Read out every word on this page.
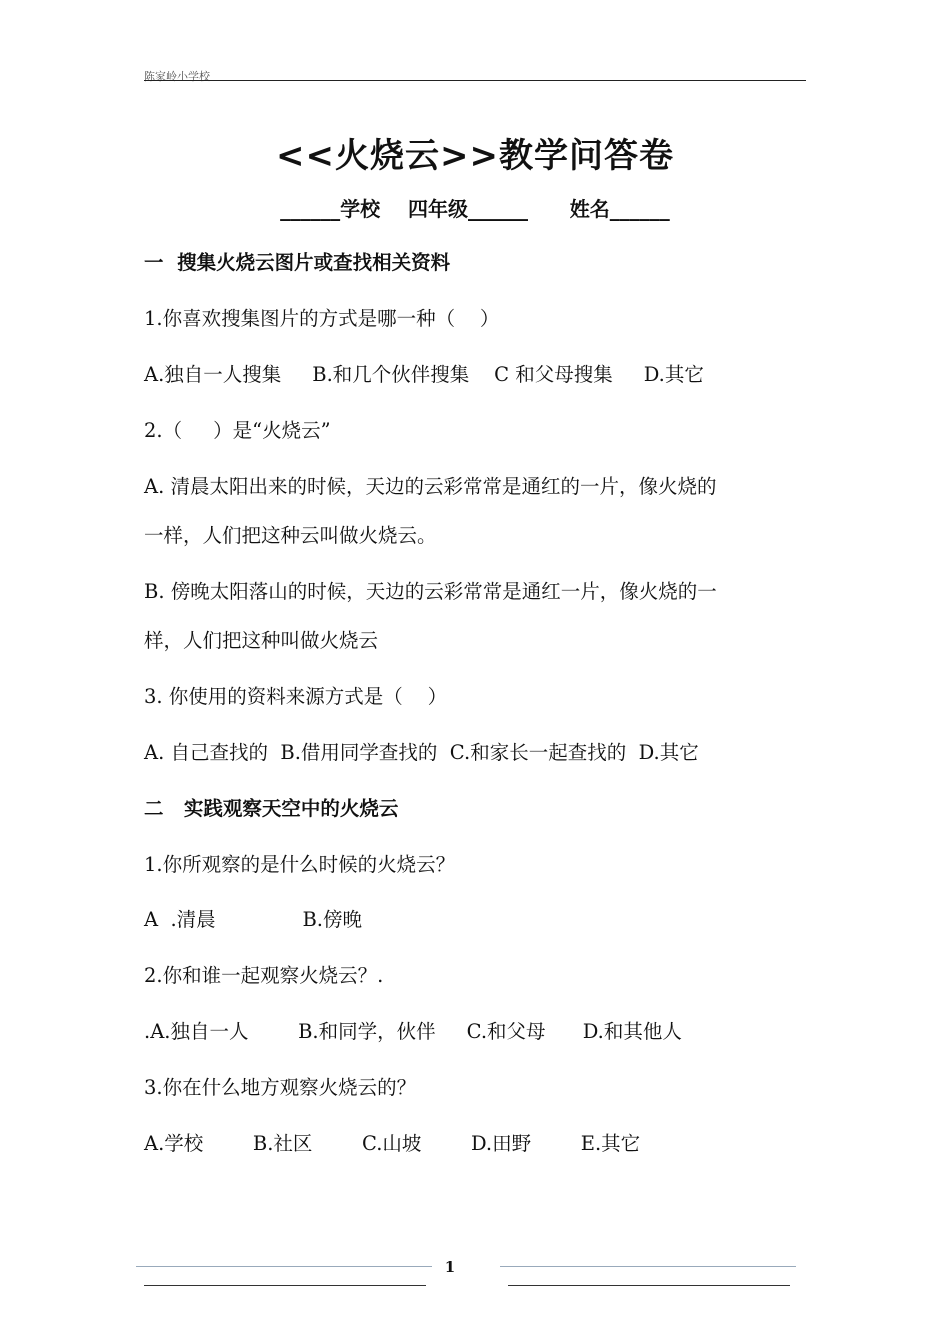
陈家岭小学校
<<火烧云>>教学问答卷
______学校    四年级______      姓名______
一  搜集火烧云图片或查找相关资料
1.你喜欢搜集图片的方式是哪一种（    ）
A.独自一人搜集     B.和几个伙伴搜集    C 和父母搜集     D.其它
2.（     ）是“火烧云”
A. 清晨太阳出来的时候，天边的云彩常常是通红的一片，像火烧的
一样，人们把这种云叫做火烧云。
B. 傍晚太阳落山的时候，天边的云彩常常是通红一片，像火烧的一
样，人们把这种叫做火烧云
3. 你使用的资料来源方式是（    ）
A. 自己查找的  B.借用同学查找的  C.和家长一起查找的  D.其它
二   实践观察天空中的火烧云
1.你所观察的是什么时候的火烧云？
A  .清晨              B.傍晚
2.你和谁一起观察火烧云？.
.A.独自一人        B.和同学，伙伴     C.和父母      D.和其他人
3.你在什么地方观察火烧云的？
A.学校        B.社区        C.山坡        D.田野        E.其它
1
